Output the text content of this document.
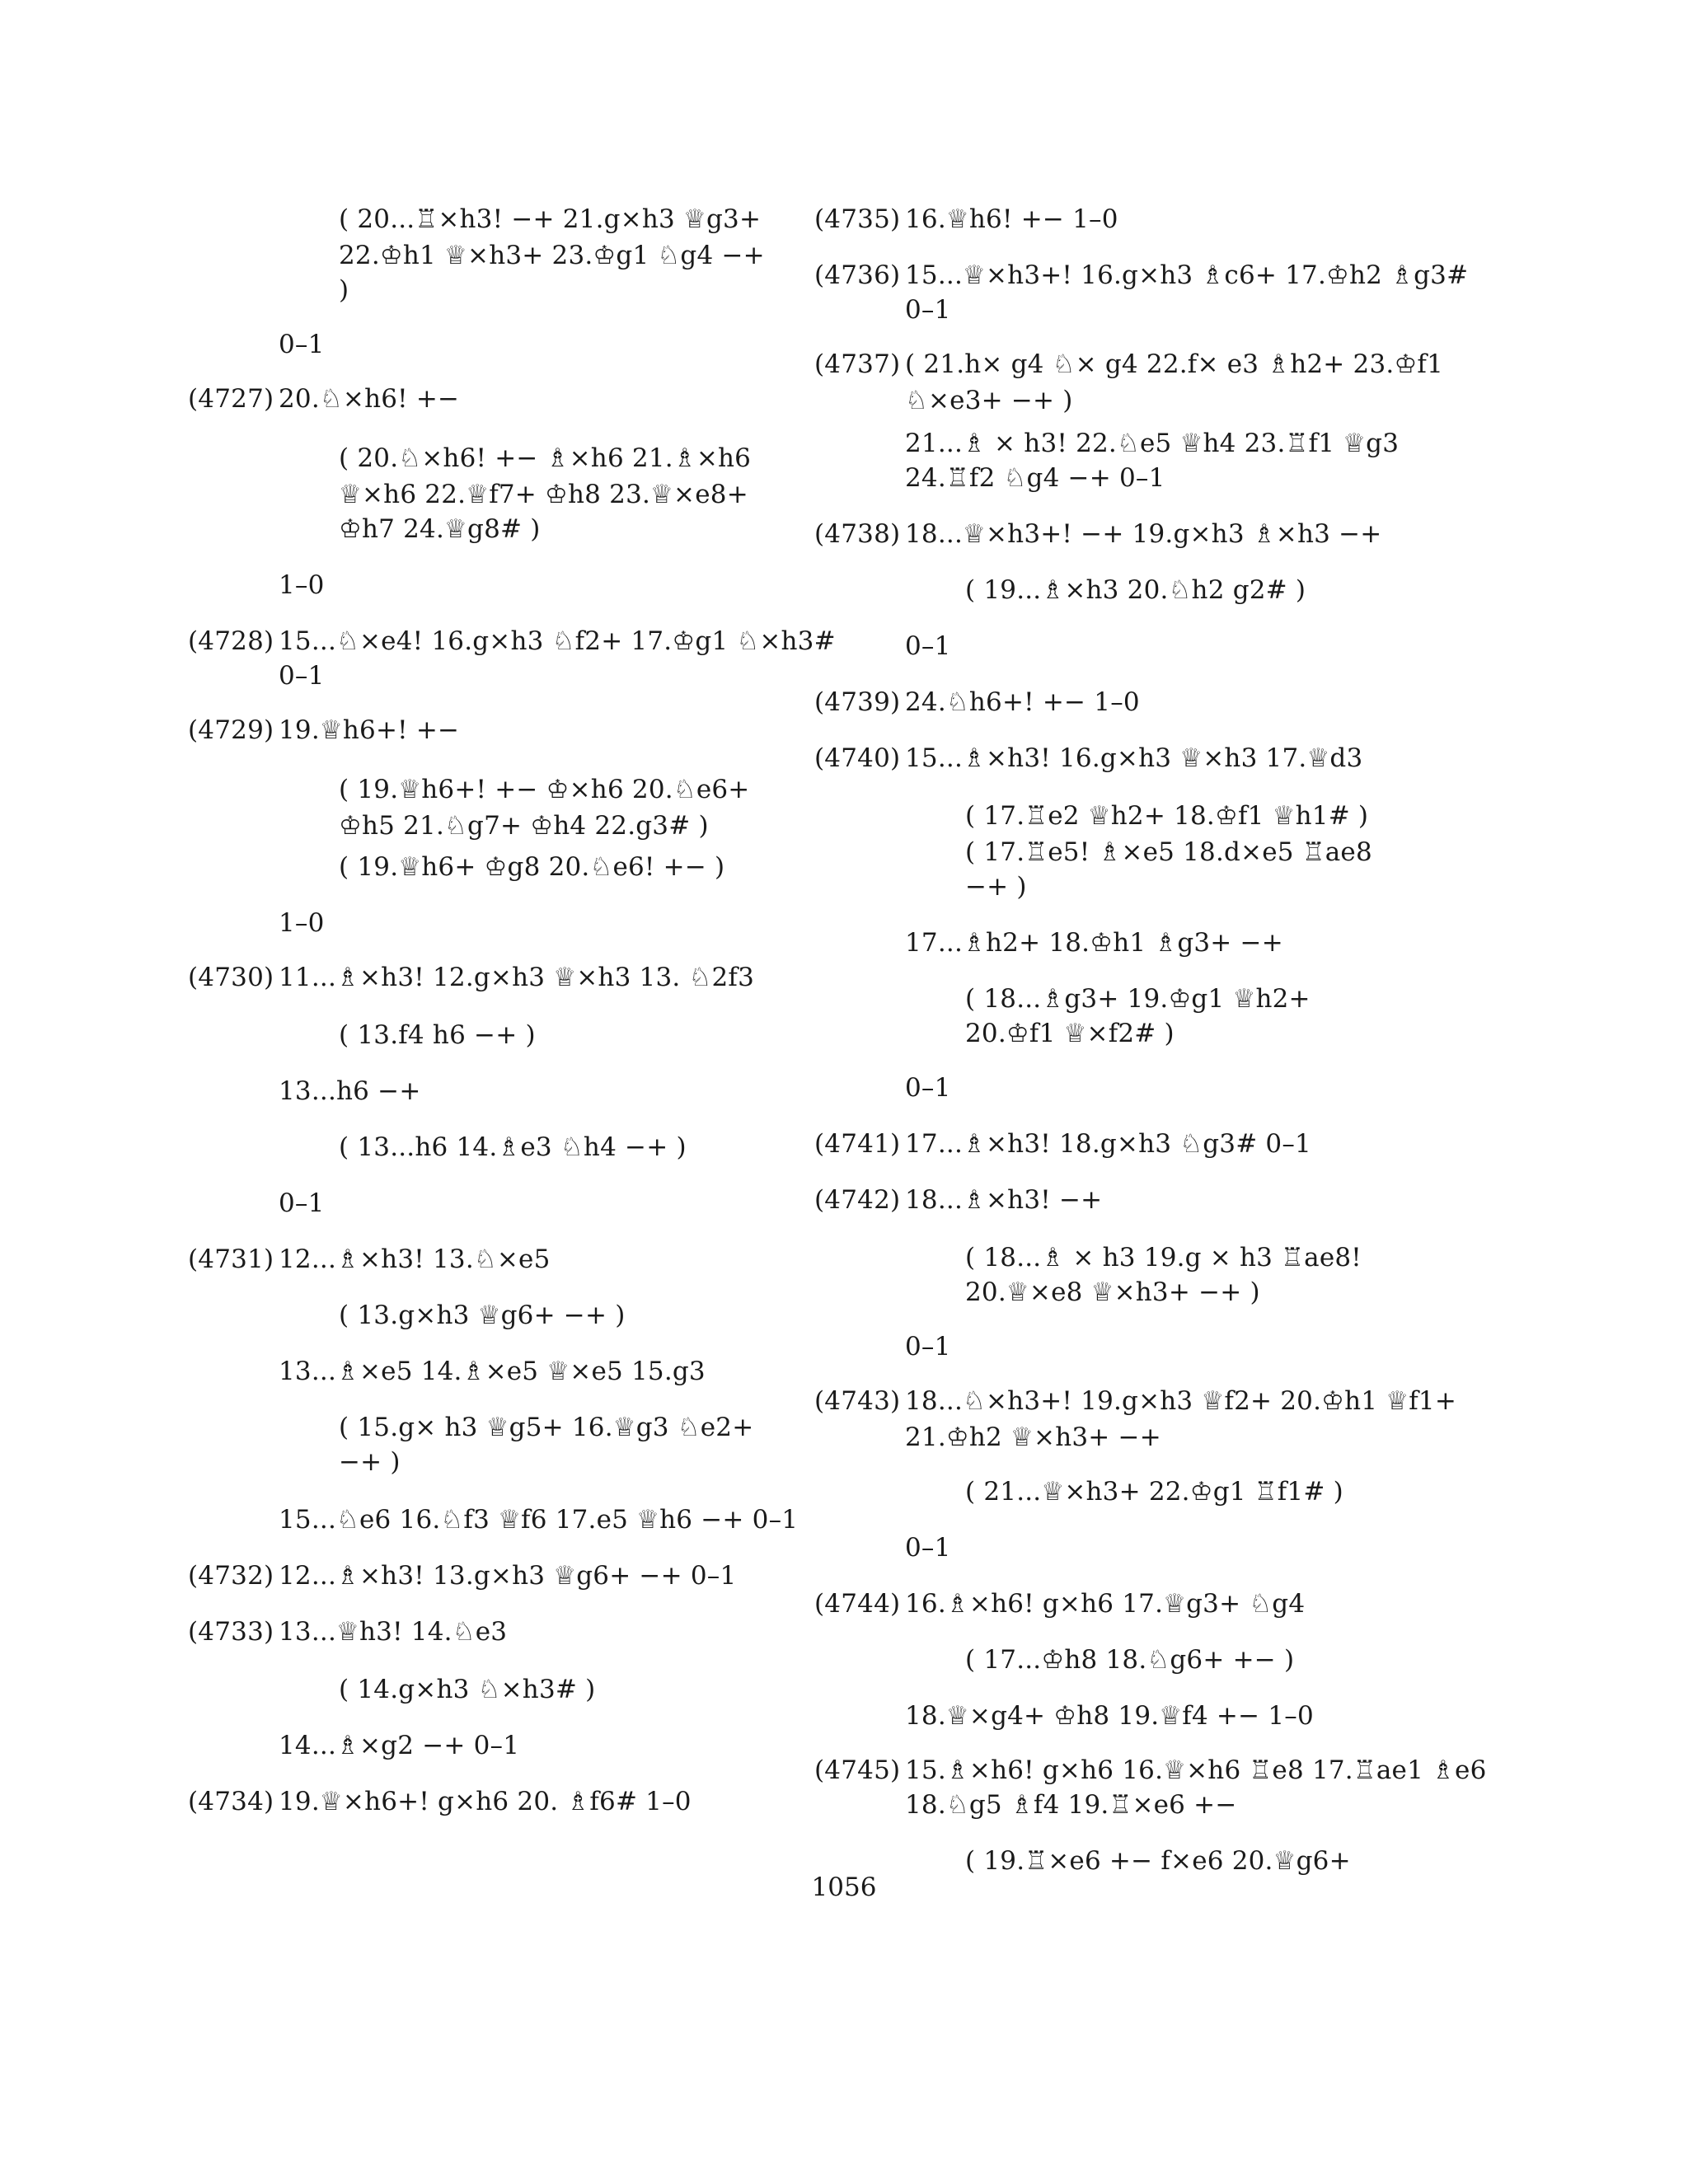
( 20...♖×h3! −+ 21.g×h3 ♕g3+
22.♔h1 ♕×h3+ 23.♔g1 ♘g4 −+
)
0–1
(4727) 20.♘×h6! +−
( 20.♘×h6! +− ♗×h6 21.♗×h6
♕×h6 22.♕f7+ ♔h8 23.♕×e8+
♔h7 24.♕g8# )
1–0
(4728) 15...♘×e4! 16.g×h3 ♘f2+ 17.♔g1 ♘×h3#
0–1
(4729) 19.♕h6+! +−
( 19.♕h6+! +− ♔×h6 20.♘e6+
♔h5 21.♘g7+ ♔h4 22.g3# )
( 19.♕h6+ ♔g8 20.♘e6! +− )
1–0
(4730) 11...♗×h3! 12.g×h3 ♕×h3 13. ♘2f3
( 13.f4 h6 −+ )
13...h6 −+
( 13...h6 14.♗e3 ♘h4 −+ )
0–1
(4731) 12...♗×h3! 13.♘×e5
( 13.g×h3 ♕g6+ −+ )
13...♗×e5 14.♗×e5 ♕×e5 15.g3
( 15.g× h3 ♕g5+ 16.♕g3 ♘e2+
−+ )
15...♘e6 16.♘f3 ♕f6 17.e5 ♕h6 −+ 0–1
(4732) 12...♗×h3! 13.g×h3 ♕g6+ −+ 0–1
(4733) 13...♕h3! 14.♘e3
( 14.g×h3 ♘×h3# )
14...♗×g2 −+ 0–1
(4734) 19.♕×h6+! g×h6 20. ♗f6# 1–0
(4735) 16.♕h6! +− 1–0
(4736) 15...♕×h3+! 16.g×h3 ♗c6+ 17.♔h2 ♗g3#
0–1
(4737) ( 21.h× g4 ♘× g4 22.f× e3 ♗h2+ 23.♔f1
♘×e3+ −+ )
21...♗ × h3! 22.♘e5 ♕h4 23.♖f1 ♕g3
24.♖f2 ♘g4 −+ 0–1
(4738) 18...♕×h3+! −+ 19.g×h3 ♗×h3 −+
( 19...♗×h3 20.♘h2 g2# )
0–1
(4739) 24.♘h6+! +− 1–0
(4740) 15...♗×h3! 16.g×h3 ♕×h3 17.♕d3
( 17.♖e2 ♕h2+ 18.♔f1 ♕h1# )
( 17.♖e5! ♗×e5 18.d×e5 ♖ae8
−+ )
17...♗h2+ 18.♔h1 ♗g3+ −+
( 18...♗g3+ 19.♔g1 ♕h2+
20.♔f1 ♕×f2# )
0–1
(4741) 17...♗×h3! 18.g×h3 ♘g3# 0–1
(4742) 18...♗×h3! −+
( 18...♗ × h3 19.g × h3 ♖ae8!
20.♕×e8 ♕×h3+ −+ )
0–1
(4743) 18...♘×h3+! 19.g×h3 ♕f2+ 20.♔h1 ♕f1+
21.♔h2 ♕×h3+ −+
( 21...♕×h3+ 22.♔g1 ♖f1# )
0–1
(4744) 16.♗×h6! g×h6 17.♕g3+ ♘g4
( 17...♔h8 18.♘g6+ +− )
18.♕×g4+ ♔h8 19.♕f4 +− 1–0
(4745) 15.♗×h6! g×h6 16.♕×h6 ♖e8 17.♖ae1 ♗e6
18.♘g5 ♗f4 19.♖×e6 +−
( 19.♖×e6 +− f×e6 20.♕g6+
1056
